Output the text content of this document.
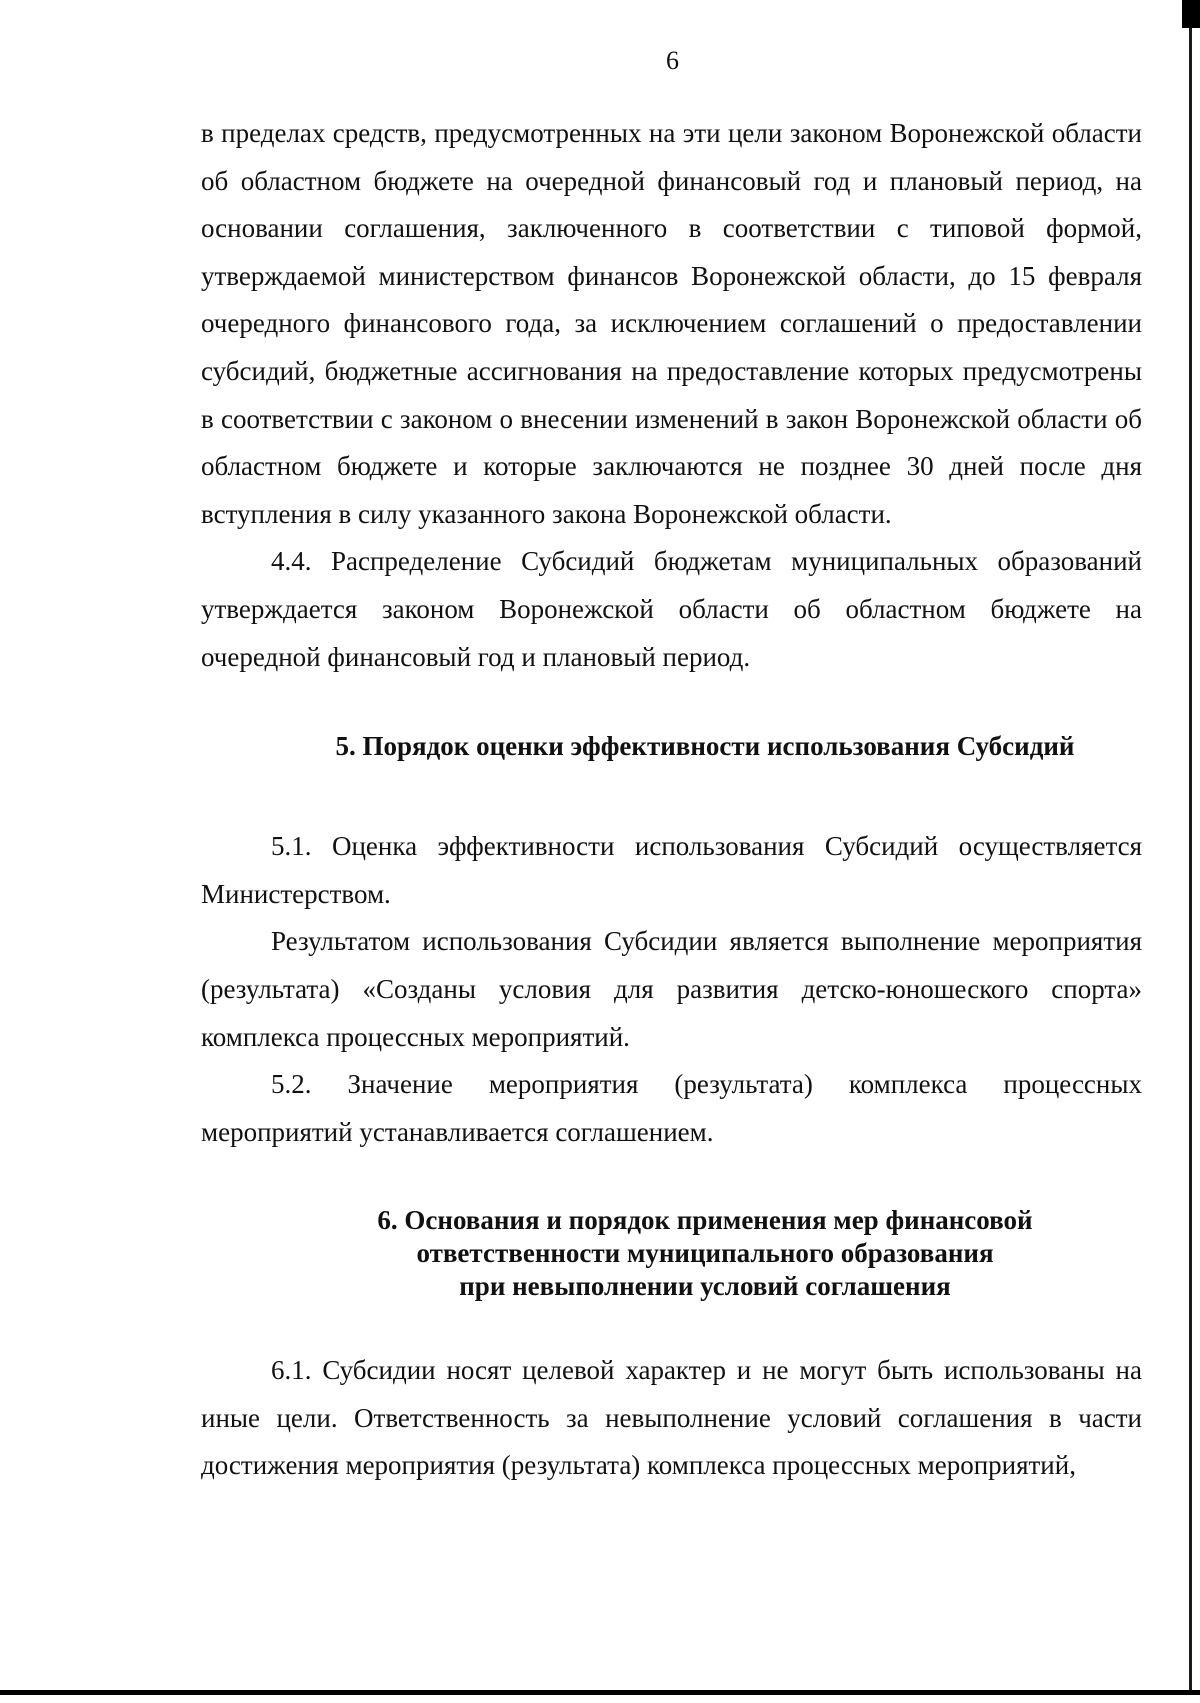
6

в пределах средств, предусмотренных на эти цели законом Воронежской области об областном бюджете на очередной финансовый год и плановый период, на основании соглашения, заключенного в соответствии с типовой формой, утверждаемой министерством финансов Воронежской области, до 15 февраля очередного финансового года, за исключением соглашений о предоставлении субсидий, бюджетные ассигнования на предоставление которых предусмотрены в соответствии с законом о внесении изменений в закон Воронежской области об областном бюджете и которые заключаются не позднее 30 дней после дня вступления в силу указанного закона Воронежской области.

4.4. Распределение Субсидий бюджетам муниципальных образований утверждается законом Воронежской области об областном бюджете на очередной финансовый год и плановый период.

5. Порядок оценки эффективности использования Субсидий

5.1. Оценка эффективности использования Субсидий осуществляется Министерством.

Результатом использования Субсидии является выполнение мероприятия (результата) «Созданы условия для развития детско-юношеского спорта» комплекса процессных мероприятий.

5.2. Значение мероприятия (результата) комплекса процессных мероприятий устанавливается соглашением.

6. Основания и порядок применения мер финансовой
ответственности муниципального образования
при невыполнении условий соглашения

6.1. Субсидии носят целевой характер и не могут быть использованы на иные цели. Ответственность за невыполнение условий соглашения в части достижения мероприятия (результата) комплекса процессных мероприятий,
